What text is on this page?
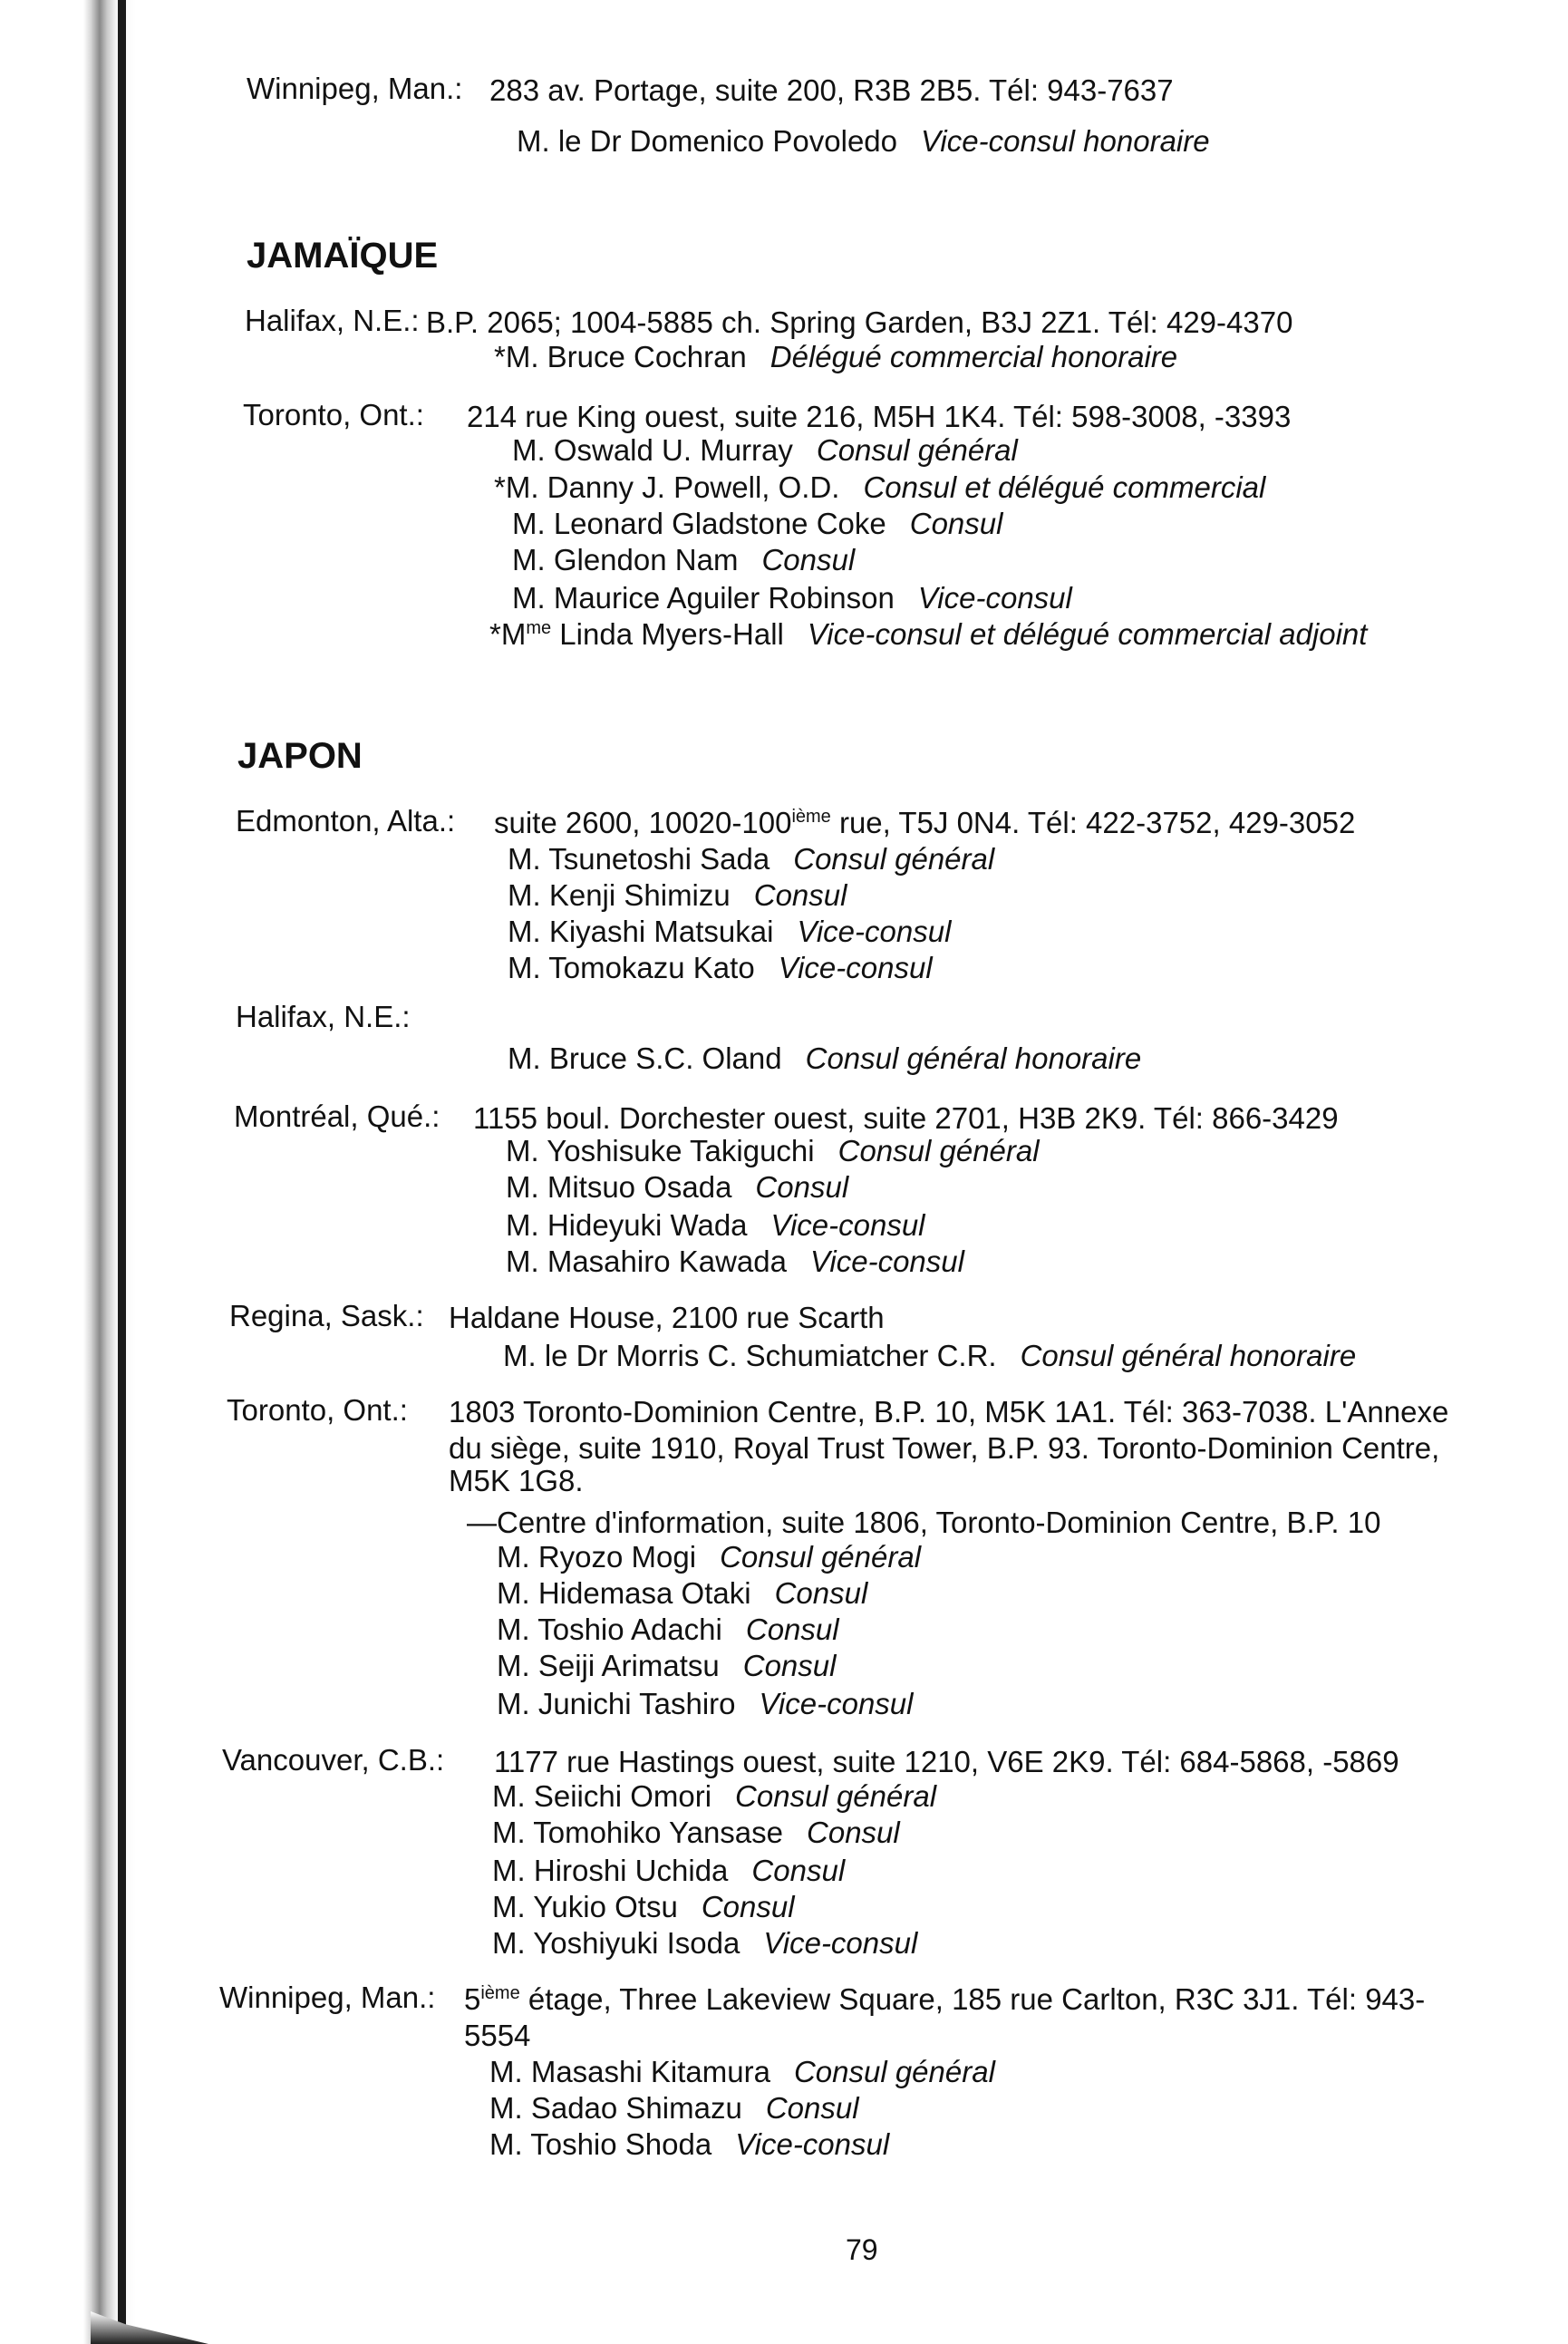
Winnipeg, Man.: 283 av. Portage, suite 200, R3B 2B5. Tél: 943-7637
M. le Dr Domenico Povoledo Vice-consul honoraire
JAMAÏQUE
Halifax, N.E.: B.P. 2065; 1004-5885 ch. Spring Garden, B3J 2Z1. Tél: 429-4370
*M. Bruce Cochran Délégué commercial honoraire
Toronto, Ont.: 214 rue King ouest, suite 216, M5H 1K4. Tél: 598-3008, -3393
M. Oswald U. Murray Consul général
*M. Danny J. Powell, O.D. Consul et délégué commercial
M. Leonard Gladstone Coke Consul
M. Glendon Nam Consul
M. Maurice Aguiler Robinson Vice-consul
$*M^{me}$ Linda Myers-Hall Vice-consul et délégué commercial adjoint
JAPON
Edmonton, Alta.: suite 2600, 10020-100ième rue, T5J 0N4. Tél: 422-3752, 429-3052
M. Tsunetoshi Sada Consul général
M. Kenji Shimizu Consul
M. Kiyashi Matsukai Vice-consul
M. Tomokazu Kato Vice-consul
Halifax, N.E.:
M. Bruce S.C. Oland Consul général honoraire
Montréal, Qué.: 1155 boul. Dorchester ouest, suite 2701, H3B 2K9. Tél: 866-3429
M. Yoshisuke Takiguchi Consul général
M. Mitsuo Osada Consul
M. Hideyuki Wada Vice-consul
M. Masahiro Kawada Vice-consul
Regina, Sask.: Haldane House, 2100 rue Scarth
M. le Dr Morris C. Schumiatcher C.R. Consul général honoraire
Toronto, Ont.: 1803 Toronto-Dominion Centre, B.P. 10, M5K 1A1. Tél: 363-7038. L'Annexe
du siège, suite 1910, Royal Trust Tower, B.P. 93. Toronto-Dominion Centre,
M5K 1G8.
—Centre d'information, suite 1806, Toronto-Dominion Centre, B.P. 10
M. Ryozo Mogi Consul général
M. Hidemasa Otaki Consul
M. Toshio Adachi Consul
M. Seiji Arimatsu Consul
M. Junichi Tashiro Vice-consul
Vancouver, C.B.: 1177 rue Hastings ouest, suite 1210, V6E 2K9. Tél: 684-5868, -5869
M. Seiichi Omori Consul général
M. Tomohiko Yansase Consul
M. Hiroshi Uchida Consul
M. Yukio Otsu Consul
M. Yoshiyuki Isoda Vice-consul
Winnipeg, Man.: 5ième étage, Three Lakeview Square, 185 rue Carlton, R3C 3J1. Tél: 943-
5554
M. Masashi Kitamura Consul général
M. Sadao Shimazu Consul
M. Toshio Shoda Vice-consul
79
